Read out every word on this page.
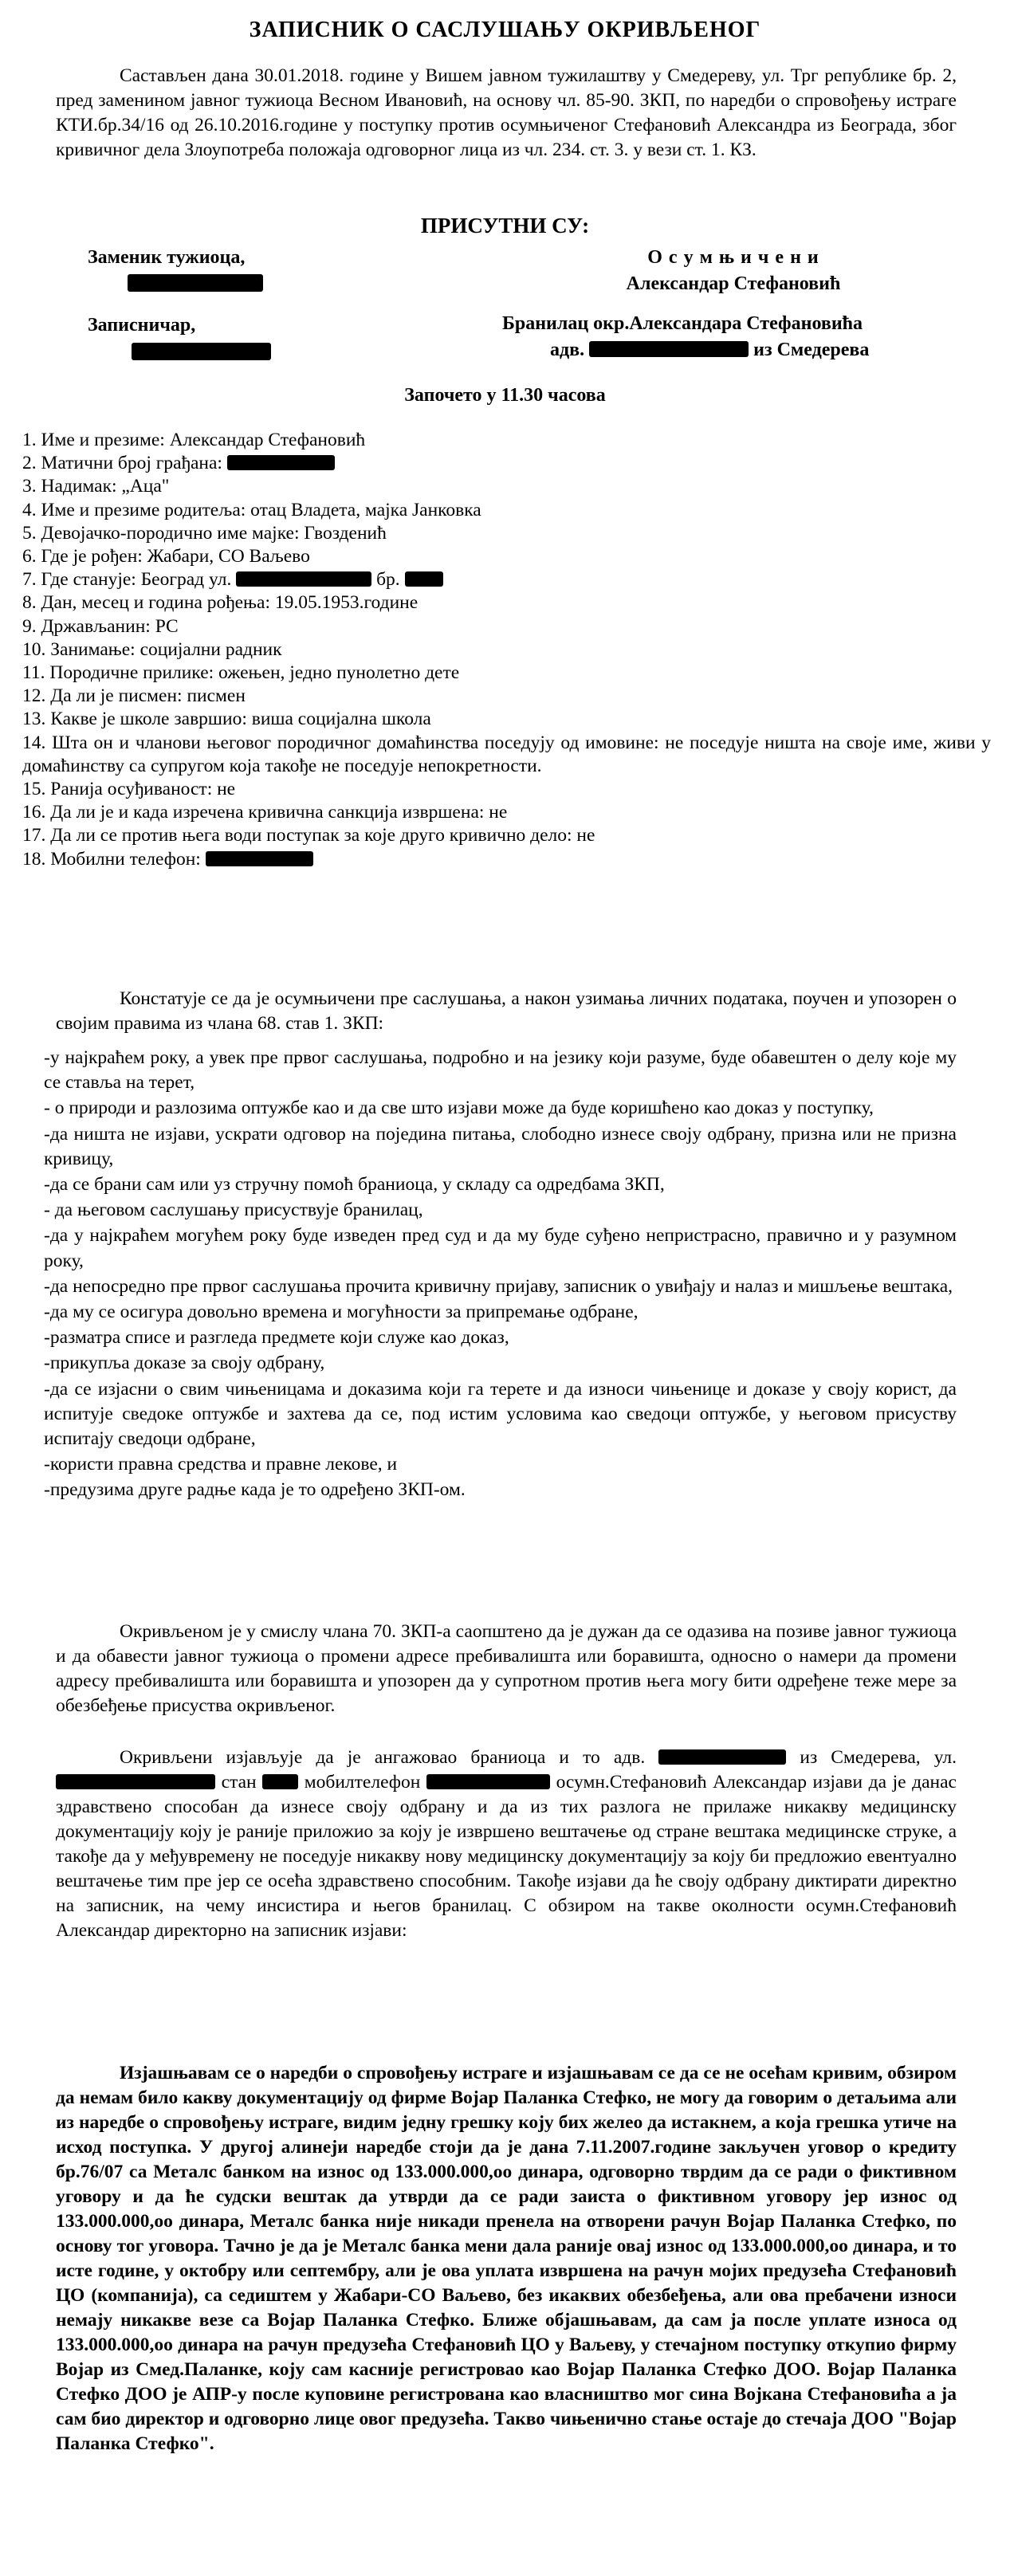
ЗАПИСНИК О САСЛУШАЊУ ОКРИВЉЕНОГ
Састављен дана 30.01.2018. године у Вишем јавном тужилаштву у Смедереву, ул. Трг републике бр. 2, пред заменином јавног тужиоца Весном Ивановић, на основу чл. 85-90. ЗКП, по наредби о спровођењу истраге КТИ.бр.34/16 од 26.10.2016.године у поступку против осумњиченог Стефановић Александра из Београда, због кривичног дела Злоупотреба положаја одговорног лица из чл. 234. ст. 3. у вези ст. 1. КЗ.
ПРИСУТНИ СУ:
Заменик тужиоца,
Записничар,
О с у м њ и ч е н и
Александар Стефановић
Бранилац окр.Александара Стефановића
адв.	из Смедерева
Започето у 11.30 часова
1. Име и презиме: Александар Стефановић
2. Матични број грађана:
3. Надимак: „Аца"
4. Име и презиме родитеља: отац Владета, мајка Јанковка
5. Девојачко-породично име мајке: Гвозденић
6. Где је рођен: Жабари, СО Ваљево
7. Где станује: Београд ул.	бр.
8. Дан, месец и година рођења: 19.05.1953.године
9. Држављанин: РС
10. Занимање: социјални радник
11. Породичне прилике: ожењен, једно пунолетно дете
12. Да ли је писмен: писмен
13. Какве је школе завршио: виша социјална школа
14. Шта он и чланови његовог породичног домаћинства поседују од имовине: не поседује ништа на своје име, живи у домаћинству са супругом која такође не поседује непокретности.
15. Ранија осуђиваност: не
16. Да ли је и када изречена кривична санкција извршена: не
17. Да ли се против њега води поступак за које друго кривично дело: не
18. Мобилни телефон:
Констатује се да је осумњичени пре саслушања, а након узимања личних података, поучен и упозорен о својим правима из члана 68. став 1. ЗКП:
-у најкраћем року, а увек пре првог саслушања, подробно и на језику који разуме, буде обавештен о делу које му се ставља на терет,
- о природи и разлозима оптужбе као и да све што изјави може да буде коришћено као доказ у поступку,
-да ништа не изјави, ускрати одговор на поједина питања, слободно изнесе своју одбрану, призна или не призна кривицу,
-да се брани сам или уз стручну помоћ браниоца, у складу са одредбама ЗКП,
- да његовом саслушању присуствује бранилац,
-да у најкраћем могућем року буде изведен пред суд и да му буде суђено непристрасно, правично и у разумном року,
-да непосредно пре првог саслушања прочита кривичну пријаву, записник о увиђају и налаз и мишљење вештака,
-да му се осигура довољно времена и могућности за припремање одбране,
-разматра списе и разгледа предмете који служе као доказ,
-прикупља доказе за своју одбрану,
-да се изјасни о свим чињеницама и доказима који га терете и да износи чињенице и доказе у своју корист, да испитује сведоке оптужбе и захтева да се, под истим условима као сведоци оптужбе, у његовом присуству испитају сведоци одбране,
-користи правна средства и правне лекове, и
-предузима друге радње када је то одређено ЗКП-ом.
Окривљеном је у смислу члана 70. ЗКП-а саопштено да је дужан да се одазива на позиве јавног тужиоца и да обавести јавног тужиоца о промени адресе пребивалишта или боравишта, односно о намери да промени адресу пребивалишта или боравишта и упозорен да у супротном против њега могу бити одређене теже мере за обезбеђење присуства окривљеног.
Окривљени изјављује да је ангажовао браниоца и то адв.	из Смедерева, ул.  стан	мобилтелефон	осумн.Стефановић Александар изјави да је данас здравствено способан да изнесе своју одбрану и да из тих разлога не прилаже никакву медицинску документацију коју је раније приложио за коју је извршено вештачење од стране вештака медицинске струке, а такође да у међувремену не поседује никакву нову медицинску документацију за коју би предложио евентуално вештачење тим пре јер се осећа здравствено способним. Такође изјави да ће своју одбрану диктирати директно на записник, на чему инсистира и његов бранилац. С обзиром на такве околности осумн.Стефановић Александар директорно на записник изјави:
Изјашњавам се о наредби о спровођењу истраге и изјашњавам се да се не осећам кривим, обзиром да немам било какву документацију од фирме Војар Паланка Стефко, не могу да говорим о детаљима али из наредбе о спровођењу истраге, видим једну грешку коју бих желео да истакнем, а која грешка утиче на исход поступка. У другој алинеји наредбе стоји да је дана 7.11.2007.године закључен уговор о кредиту бр.76/07 са Металс банком на износ од 133.000.000,оо динара, одговорно тврдим да се ради о фиктивном уговору и да ће судски вештак да утврди да се ради заиста о фиктивном уговору јер износ од 133.000.000,оо динара, Металс банка није никади пренела на отворени рачун Војар Паланка Стефко, по основу тог уговора. Тачно је да је Металс банка мени дала раније овај износ од 133.000.000,оо динара, и то исте године, у октобру или септембру, али је ова уплата извршена на рачун мојих предузећа Стефановић ЦО (компанија), са седиштем у Жабари-СО Ваљево, без икаквих обезбеђења, али ова пребачени износи немају никакве везе са Војар Паланка Стефко. Ближе објашњавам, да сам ја после уплате износа од 133.000.000,оо динара на рачун предузећа Стефановић ЦО у Ваљеву, у стечајном поступку откупио фирму Војар из Смед.Паланке, коју сам касније регистровао као Војар Паланка Стефко ДОО. Војар Паланка Стефко ДОО је АПР-у после куповине регистрована као власништво мог сина Војкана Стефановића а ја сам био директор и одговорно лице овог предузећа. Такво чињенично стање остаје до стечаја ДОО "Војар Паланка Стефко".
